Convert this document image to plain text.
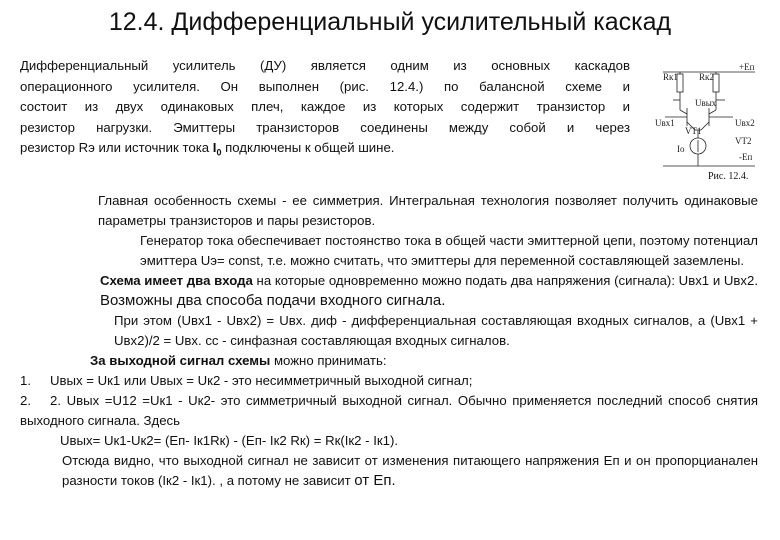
12.4. Дифференциальный усилительный каскад
Дифференциальный усилитель (ДУ) является одним из основных каскадов
операционного усилителя. Он выполнен (рис. 12.4.) по балансной схеме и
состоит из двух одинаковых плеч, каждое из которых содержит транзистор и
резистор нагрузки. Эмиттеры транзисторов соединены между собой и через
резистор Rэ или источник тока $I_0$ подключены к общей шине.
Rк1 Rк2
+Eп
Uвх1	Uвх2
VT1
VT2
Iо
-Eп
Uвых
Рис. 12.4.
Главная особенность схемы - ее симметрия. Интегральная технология позволяет получить одинаковые параметры транзисторов и пары резисторов.
Генератор тока обеспечивает постоянство тока в общей части эмиттерной цепи, поэтому потенциал эмиттера Uэ= const, т.е. можно считать, что эмиттеры для переменной составляющей заземлены.
Схема имеет два входа на которые одновременно можно подать два напряжения (сигнала): Uвх1 и Uвх2. Возможны два способа подачи входного сигнала.
При этом (Uвх1 - Uвх2) = Uвх. диф - дифференциальная составляющая входных сигналов, а (Uвх1 + Uвх2)/2 = Uвх. сс - синфазная составляющая входных сигналов.
За выходной сигнал схемы можно принимать:
1. Uвых = Uк1 или Uвых = Uк2 - это несимметричный выходной сигнал;
2. 2. Uвых =U12 =Uк1 - Uк2- это симметричный выходной сигнал. Обычно применяется последний способ снятия выходного сигнала. Здесь
Uвых= Uк1-Uк2= (Eп- Iк1Rк) - (Eп- Iк2 Rк) = Rк(Iк2 - Iк1).
Отсюда видно, что выходной сигнал не зависит от изменения питающего напряжения Eп и он пропорцианален разности токов (Iк2 - Iк1). , а потому не зависит от Eп.
